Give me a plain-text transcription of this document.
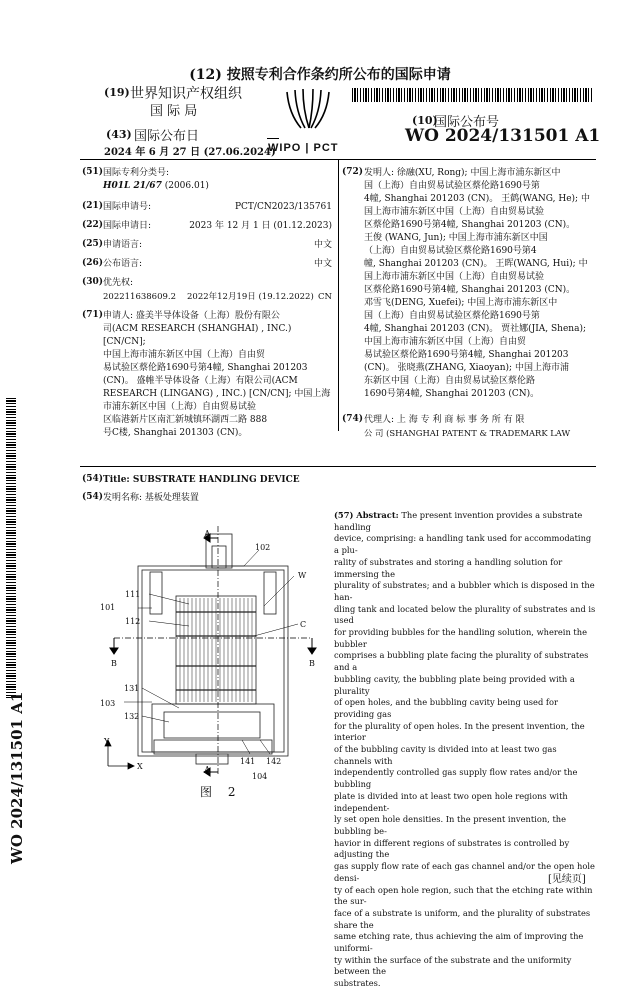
(12) 按照专利合作条约所公布的国际申请
(19) 世界知识产权组织
国 际 局
(43) 国际公布日
2024 年 6 月 27 日 (27.06.2024)
WIPO | PCT
(10)
国际公布号
WO 2024/131501 A1
(51) 国际专利分类号:
H01L 21/67 (2006.01)
(21) 国际申请号:	PCT/CN2023/135761
(22) 国际申请日:	2023 年 12 月 1 日 (01.12.2023)
(25) 申请语言:	中文
(26) 公布语言:	中文
(30) 优先权:
202211638609.2 2022年12月19日 (19.12.2022) CN
(71) 申请人: 盛美半导体设备（上海）股份有限公
司(ACM RESEARCH (SHANGHAI) , INC.) [CN/CN];
中国上海市浦东新区中国（上海）自由贸
易试验区蔡伦路1690号第4幢, Shanghai 201203
(CN)。 盛帷半导体设备（上海）有限公司(ACM
RESEARCH (LINGANG) , INC.) [CN/CN]; 中国上海
市浦东新区中国（上海）自由贸易试验
区临港新片区南汇新城镇环湖西二路 888
号C楼, Shanghai 201303 (CN)。
(72) 发明人: 徐融(XU, Rong); 中国上海市浦东新区中
国（上海）自由贸易试验区蔡伦路1690号第
4幢, Shanghai 201203 (CN)。 王鹤(WANG, He); 中
国上海市浦东新区中国（上海）自由贸易试验
区蔡伦路1690号第4幢, Shanghai 201203 (CN)。
王俊 (WANG, Jun); 中国上海市浦东新区中国
（上海）自由贸易试验区蔡伦路1690号第4
幢, Shanghai 201203 (CN)。 王晖(WANG, Hui); 中
国上海市浦东新区中国（上海）自由贸易试验
区蔡伦路1690号第4幢, Shanghai 201203 (CN)。
邓雪飞(DENG, Xuefei); 中国上海市浦东新区中
国（上海）自由贸易试验区蔡伦路1690号第
4幢, Shanghai 201203 (CN)。 贾社娜(JIA, Shena);
中国上海市浦东新区中国（上海）自由贸
易试验区蔡伦路1690号第4幢, Shanghai 201203
(CN)。 张晓燕(ZHANG, Xiaoyan); 中国上海市浦
东新区中国（上海）自由贸易试验区蔡伦路
1690号第4幢, Shanghai 201203 (CN)。
(74) 代理人: 上 海 专 利 商 标 事 务 所 有 限
公 司 (SHANGHAI PATENT & TRADEMARK LAW
(54) Title: SUBSTRATE HANDLING DEVICE
(54) 发明名称: 基板处理装置
(57) Abstract: The present invention provides a substrate handling
device, comprising: a handling tank used for accommodating a plu-
rality of substrates and storing a handling solution for immersing the
plurality of substrates; and a bubbler which is disposed in the han-
dling tank and located below the plurality of substrates and is used
for providing bubbles for the handling solution, wherein the bubbler
comprises a bubbling plate facing the plurality of substrates and a
bubbling cavity, the bubbling plate being provided with a plurality
of open holes, and the bubbling cavity being used for providing gas
for the plurality of open holes. In the present invention, the interior
of the bubbling cavity is divided into at least two gas channels with
independently controlled gas supply flow rates and/or the bubbling
plate is divided into at least two open hole regions with independent-
ly set open hole densities. In the present invention, the bubbling be-
havior in different regions of substrates is controlled by adjusting the
gas supply flow rate of each gas channel and/or the open hole densi-
ty of each open hole region, such that the etching rate within the sur-
face of a substrate is uniform, and the plurality of substrates share the
same etching rate, thus achieving the aim of improving the uniformi-
ty within the surface of the substrate and the uniformity between the
substrates.
A
102
W
101
111
112	C
B	B
131
103
132
Y
X	A
141 142
104
图 2
WO 2024/131501 A1
[见续页]
